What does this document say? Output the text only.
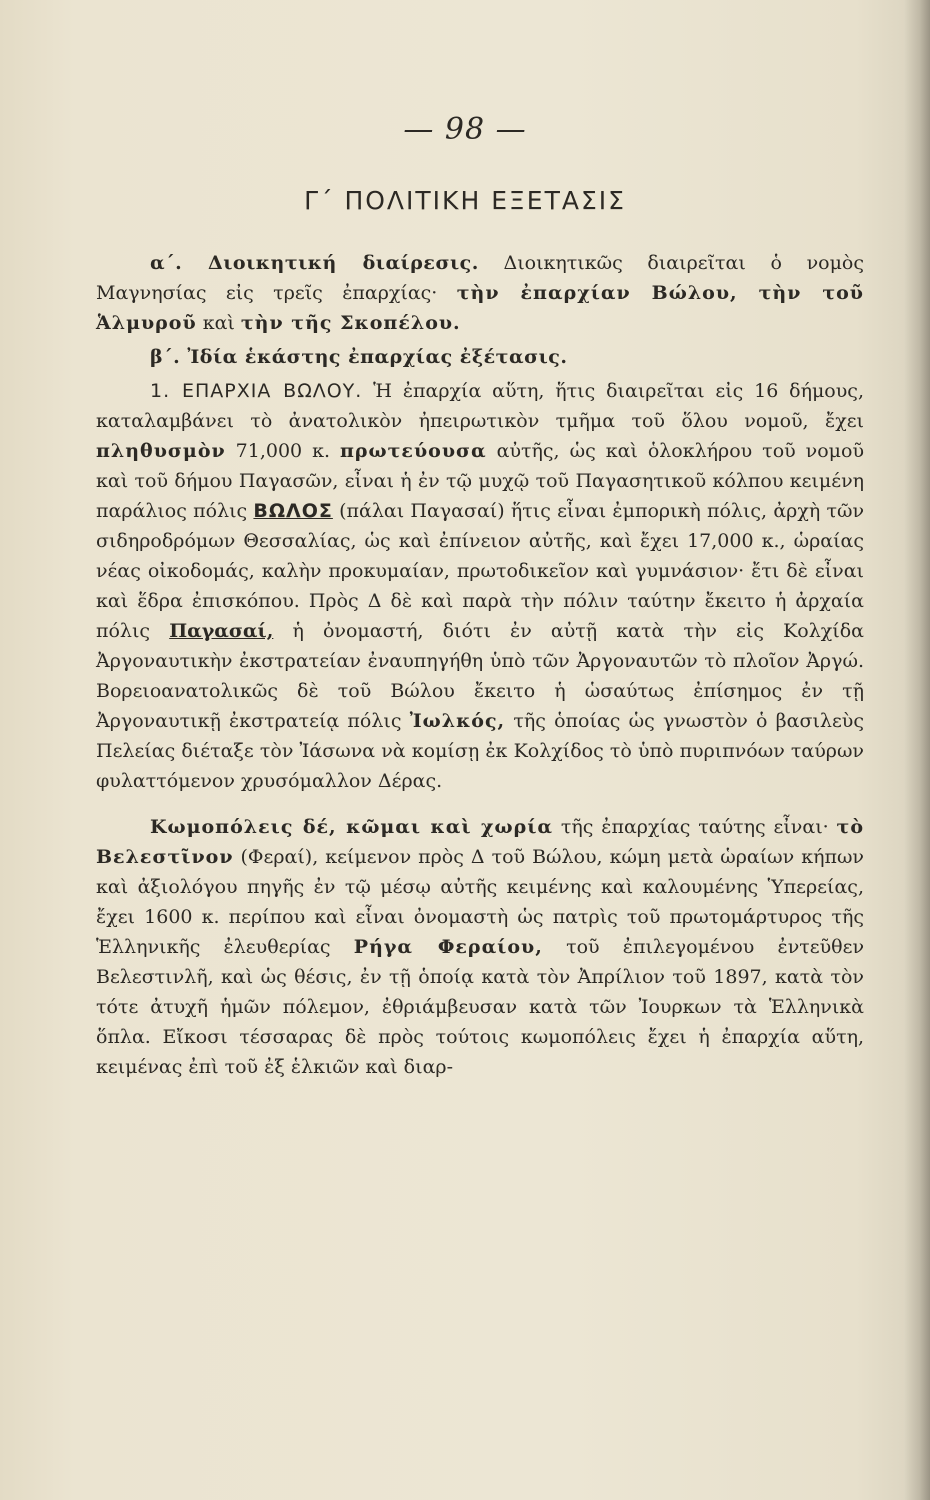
— 98 —
Γ΄ ΠΟΛΙΤΙΚΗ ΕΞΕΤΑΣΙΣ

α΄. Διοικητική διαίρεσις. Διοικητικῶς διαιρεῖται ὁ νομὸς Μαγνησίας εἰς τρεῖς ἐπαρχίας· τὴν ἐπαρχίαν Βώλου, τὴν τοῦ Ἁλμυροῦ καὶ τὴν τῆς Σκοπέλου.

β΄. Ἰδία ἑκάστης ἐπαρχίας ἐξέτασις.

1. ΕΠΑΡΧΙΑ ΒΩΛΟΥ. Ἡ ἐπαρχία αὕτη, ἥτις διαιρεῖται εἰς 16 δήμους, καταλαμβάνει τὸ ἀνατολικὸν ἠπειρωτικὸν τμῆμα τοῦ ὅλου νομοῦ, ἔχει πληθυσμὸν 71,000 κ. πρωτεύουσα αὐτῆς, ὡς καὶ ὁλοκλήρου τοῦ νομοῦ καὶ τοῦ δήμου Παγασῶν, εἶναι ἡ ἐν τῷ μυχῷ τοῦ Παγασητικοῦ κόλπου κειμένη παράλιος πόλις ΒΩΛΟΣ (πάλαι Παγασαί) ἥτις εἶναι ἐμπορικὴ πόλις, ἀρχὴ τῶν σιδηροδρόμων Θεσσαλίας, ὡς καὶ ἐπίνειον αὐτῆς, καὶ ἔχει 17,000 κ., ὡραίας νέας οἰκοδομάς, καλὴν προκυμαίαν, πρωτοδικεῖον καὶ γυμνάσιον· ἔτι δὲ εἶναι καὶ ἕδρα ἐπισκόπου. Πρὸς Δ δὲ καὶ παρὰ τὴν πόλιν ταύτην ἔκειτο ἡ ἀρχαία πόλις Παγασαί, ἡ ὀνομαστή, διότι ἐν αὐτῇ κατὰ τὴν εἰς Κολχίδα Ἀργοναυτικὴν ἐκστρατείαν ἐναυπηγήθη ὑπὸ τῶν Ἀργοναυτῶν τὸ πλοῖον Ἀργώ. Βορειοανατολικῶς δὲ τοῦ Βώλου ἔκειτο ἡ ὡσαύτως ἐπίσημος ἐν τῇ Ἀργοναυτικῇ ἐκστρατείᾳ πόλις Ἰωλκός, τῆς ὁποίας ὡς γνωστὸν ὁ βασιλεὺς Πελείας διέταξε τὸν Ἰάσωνα νὰ κομίσῃ ἐκ Κολχίδος τὸ ὑπὸ πυριπνόων ταύρων φυλαττόμενον χρυσόμαλλον Δέρας.

Κωμοπόλεις δέ, κῶμαι καὶ χωρία τῆς ἐπαρχίας ταύτης εἶναι· τὸ Βελεστῖνον (Φεραί), κείμενον πρὸς Δ τοῦ Βώλου, κώμη μετὰ ὡραίων κήπων καὶ ἀξιολόγου πηγῆς ἐν τῷ μέσῳ αὐτῆς κειμένης καὶ καλουμένης Ὑπερείας, ἔχει 1600 κ. περίπου καὶ εἶναι ὀνομαστὴ ὡς πατρὶς τοῦ πρωτομάρτυρος τῆς Ἑλληνικῆς ἐλευθερίας Ρήγα Φεραίου, τοῦ ἐπιλεγομένου ἐντεῦθεν Βελεστινλῆ, καὶ ὡς θέσις, ἐν τῇ ὁποίᾳ κατὰ τὸν Ἀπρίλιον τοῦ 1897, κατὰ τὸν τότε ἀτυχῆ ἡμῶν πόλεμον, ἐθριάμβευσαν κατὰ τῶν Ἰουρκων τὰ Ἑλληνικὰ ὅπλα. Εἴκοσι τέσσαρας δὲ πρὸς τούτοις κωμοπόλεις ἔχει ἡ ἐπαρχία αὕτη, κειμένας ἐπὶ τοῦ ἐξ ἑλκιῶν καὶ διαρ-
